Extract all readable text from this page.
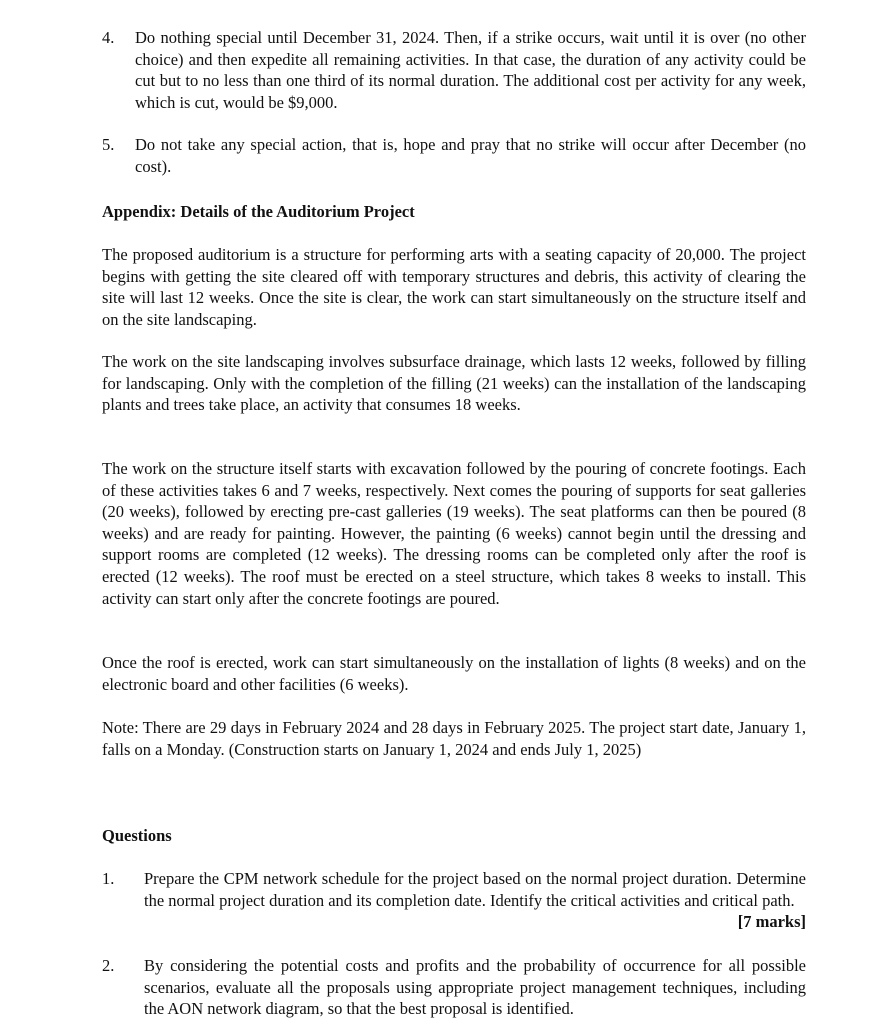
4. Do nothing special until December 31, 2024. Then, if a strike occurs, wait until it is over (no other choice) and then expedite all remaining activities. In that case, the duration of any activity could be cut but to no less than one third of its normal duration. The additional cost per activity for any week, which is cut, would be $9,000.
5. Do not take any special action, that is, hope and pray that no strike will occur after December (no cost).
Appendix: Details of the Auditorium Project
The proposed auditorium is a structure for performing arts with a seating capacity of 20,000. The project begins with getting the site cleared off with temporary structures and debris, this activity of clearing the site will last 12 weeks. Once the site is clear, the work can start simultaneously on the structure itself and on the site landscaping.
The work on the site landscaping involves subsurface drainage, which lasts 12 weeks, followed by filling for landscaping. Only with the completion of the filling (21 weeks) can the installation of the landscaping plants and trees take place, an activity that consumes 18 weeks.
The work on the structure itself starts with excavation followed by the pouring of concrete footings. Each of these activities takes 6 and 7 weeks, respectively. Next comes the pouring of supports for seat galleries (20 weeks), followed by erecting pre-cast galleries (19 weeks). The seat platforms can then be poured (8 weeks) and are ready for painting. However, the painting (6 weeks) cannot begin until the dressing and support rooms are completed (12 weeks). The dressing rooms can be completed only after the roof is erected (12 weeks). The roof must be erected on a steel structure, which takes 8 weeks to install. This activity can start only after the concrete footings are poured.
Once the roof is erected, work can start simultaneously on the installation of lights (8 weeks) and on the electronic board and other facilities (6 weeks).
Note: There are 29 days in February 2024 and 28 days in February 2025. The project start date, January 1, falls on a Monday. (Construction starts on January 1, 2024 and ends July 1, 2025)
Questions
1. Prepare the CPM network schedule for the project based on the normal project duration. Determine the normal project duration and its completion date. Identify the critical activities and critical path.
[7 marks]
2. By considering the potential costs and profits and the probability of occurrence for all possible scenarios, evaluate all the proposals using appropriate project management techniques, including the AON network diagram, so that the best proposal is identified.
